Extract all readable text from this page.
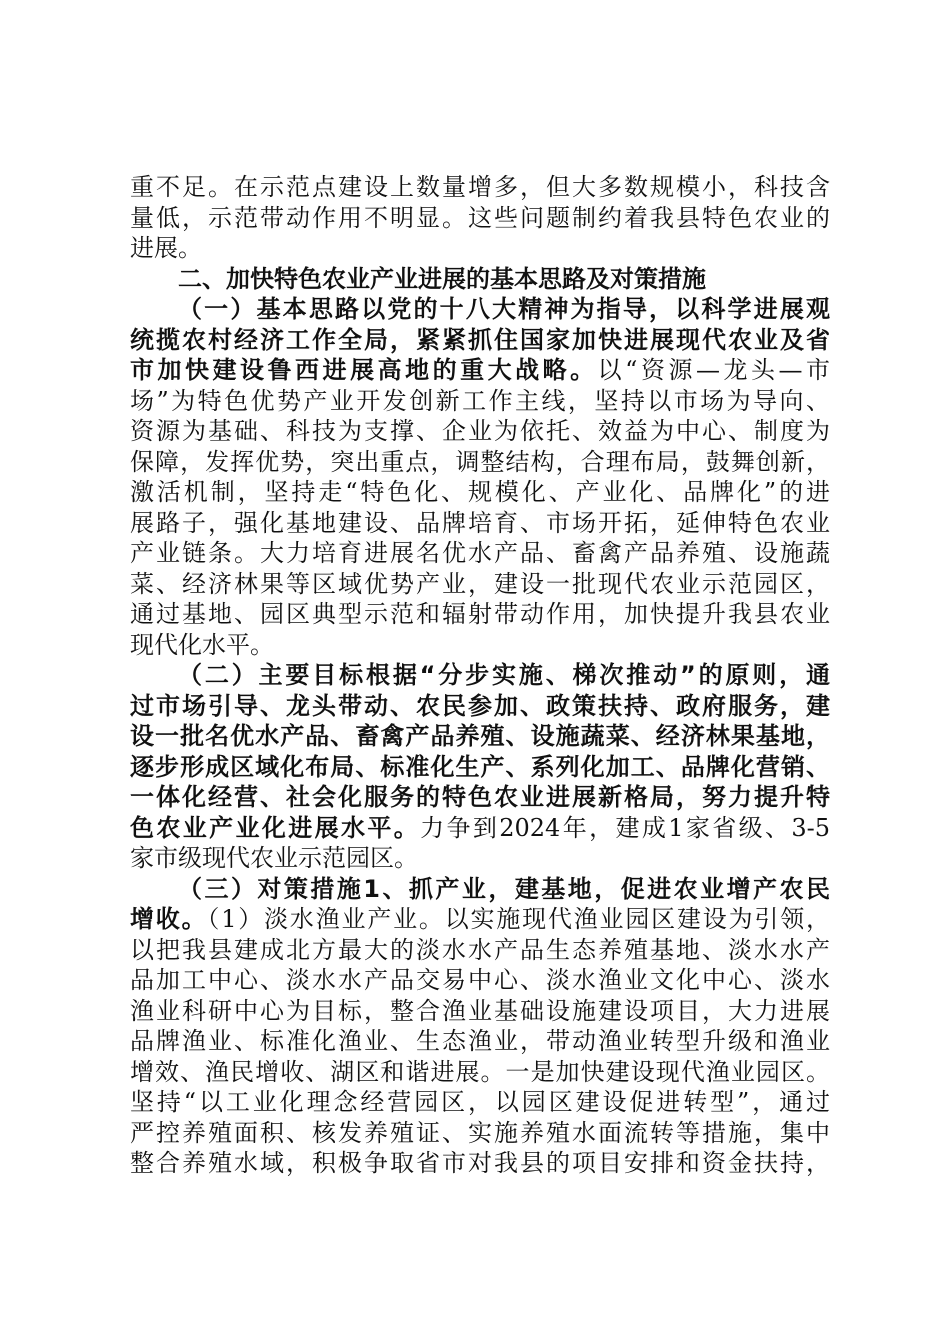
重不足。在示范点建设上数量增多，但大多数规模小，科技含
量低，示范带动作用不明显。这些问题制约着我县特色农业的
进展。
二、加快特色农业产业进展的基本思路及对策措施
（一）基本思路以党的十八大精神为指导，以科学进展观
统揽农村经济工作全局，紧紧抓住国家加快进展现代农业及省
市加快建设鲁西进展高地的重大战略。以“资源—龙头—市
场”为特色优势产业开发创新工作主线，坚持以市场为导向、
资源为基础、科技为支撑、企业为依托、效益为中心、制度为
保障，发挥优势，突出重点，调整结构，合理布局，鼓舞创新，
激活机制，坚持走“特色化、规模化、产业化、品牌化”的进
展路子，强化基地建设、品牌培育、市场开拓，延伸特色农业
产业链条。大力培育进展名优水产品、畜禽产品养殖、设施蔬
菜、经济林果等区域优势产业，建设一批现代农业示范园区，
通过基地、园区典型示范和辐射带动作用，加快提升我县农业
现代化水平。
（二）主要目标根据“分步实施、梯次推动”的原则，通
过市场引导、龙头带动、农民参加、政策扶持、政府服务，建
设一批名优水产品、畜禽产品养殖、设施蔬菜、经济林果基地，
逐步形成区域化布局、标准化生产、系列化加工、品牌化营销、
一体化经营、社会化服务的特色农业进展新格局，努力提升特
色农业产业化进展水平。力争到2024年，建成1家省级、3-5
家市级现代农业示范园区。
（三）对策措施1、抓产业，建基地，促进农业增产农民
增收。（1）淡水渔业产业。以实施现代渔业园区建设为引领，
以把我县建成北方最大的淡水水产品生态养殖基地、淡水水产
品加工中心、淡水水产品交易中心、淡水渔业文化中心、淡水
渔业科研中心为目标，整合渔业基础设施建设项目，大力进展
品牌渔业、标准化渔业、生态渔业，带动渔业转型升级和渔业
增效、渔民增收、湖区和谐进展。一是加快建设现代渔业园区。
坚持“以工业化理念经营园区，以园区建设促进转型”，通过
严控养殖面积、核发养殖证、实施养殖水面流转等措施，集中
整合养殖水域，积极争取省市对我县的项目安排和资金扶持，
